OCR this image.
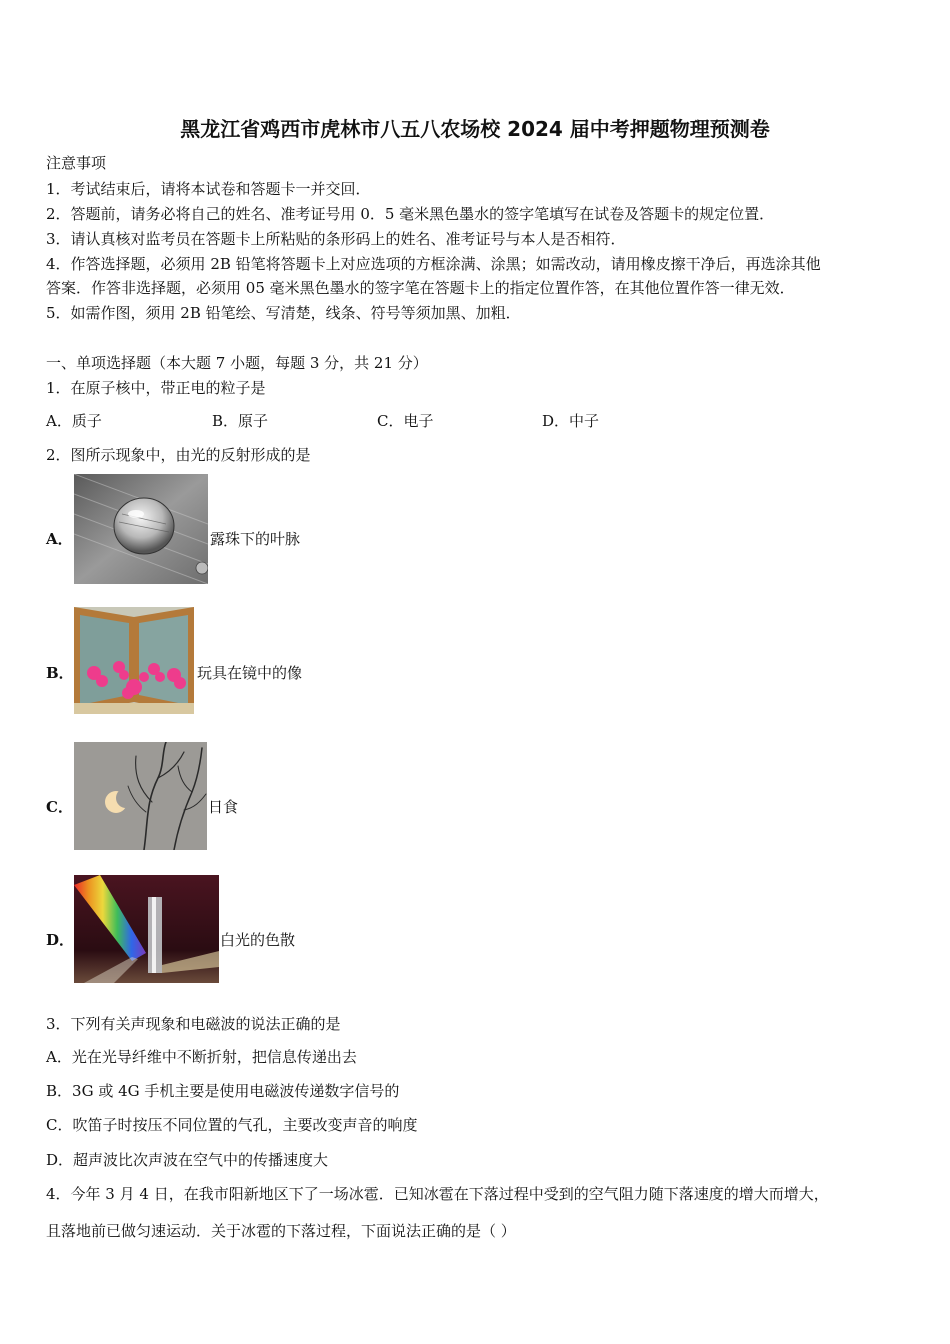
黑龙江省鸡西市虎林市八五八农场校 2024 届中考押题物理预测卷
注意事项
1．考试结束后，请将本试卷和答题卡一并交回．
2．答题前，请务必将自己的姓名、准考证号用 0．5 毫米黑色墨水的签字笔填写在试卷及答题卡的规定位置．
3．请认真核对监考员在答题卡上所粘贴的条形码上的姓名、准考证号与本人是否相符．
4．作答选择题，必须用 2B 铅笔将答题卡上对应选项的方框涂满、涂黑；如需改动，请用橡皮擦干净后，再选涂其他
答案．作答非选择题，必须用 05 毫米黑色墨水的签字笔在答题卡上的指定位置作答，在其他位置作答一律无效．
5．如需作图，须用 2B 铅笔绘、写清楚，线条、符号等须加黑、加粗．
一、单项选择题（本大题 7 小题，每题 3 分，共 21 分）
1．在原子核中，带正电的粒子是
A．质子	B．原子	C．电子	D．中子
2．图所示现象中，由光的反射形成的是
A．	露珠下的叶脉
B．	玩具在镜中的像
C．	日食
D．	白光的色散
3．下列有关声现象和电磁波的说法正确的是
A．光在光导纤维中不断折射，把信息传递出去
B．3G 或 4G 手机主要是使用电磁波传递数字信号的
C．吹笛子时按压不同位置的气孔，主要改变声音的响度
D．超声波比次声波在空气中的传播速度大
4．今年 3 月 4 日，在我市阳新地区下了一场冰雹．已知冰雹在下落过程中受到的空气阻力随下落速度的增大而增大，
且落地前已做匀速运动．关于冰雹的下落过程，下面说法正确的是（ ）
